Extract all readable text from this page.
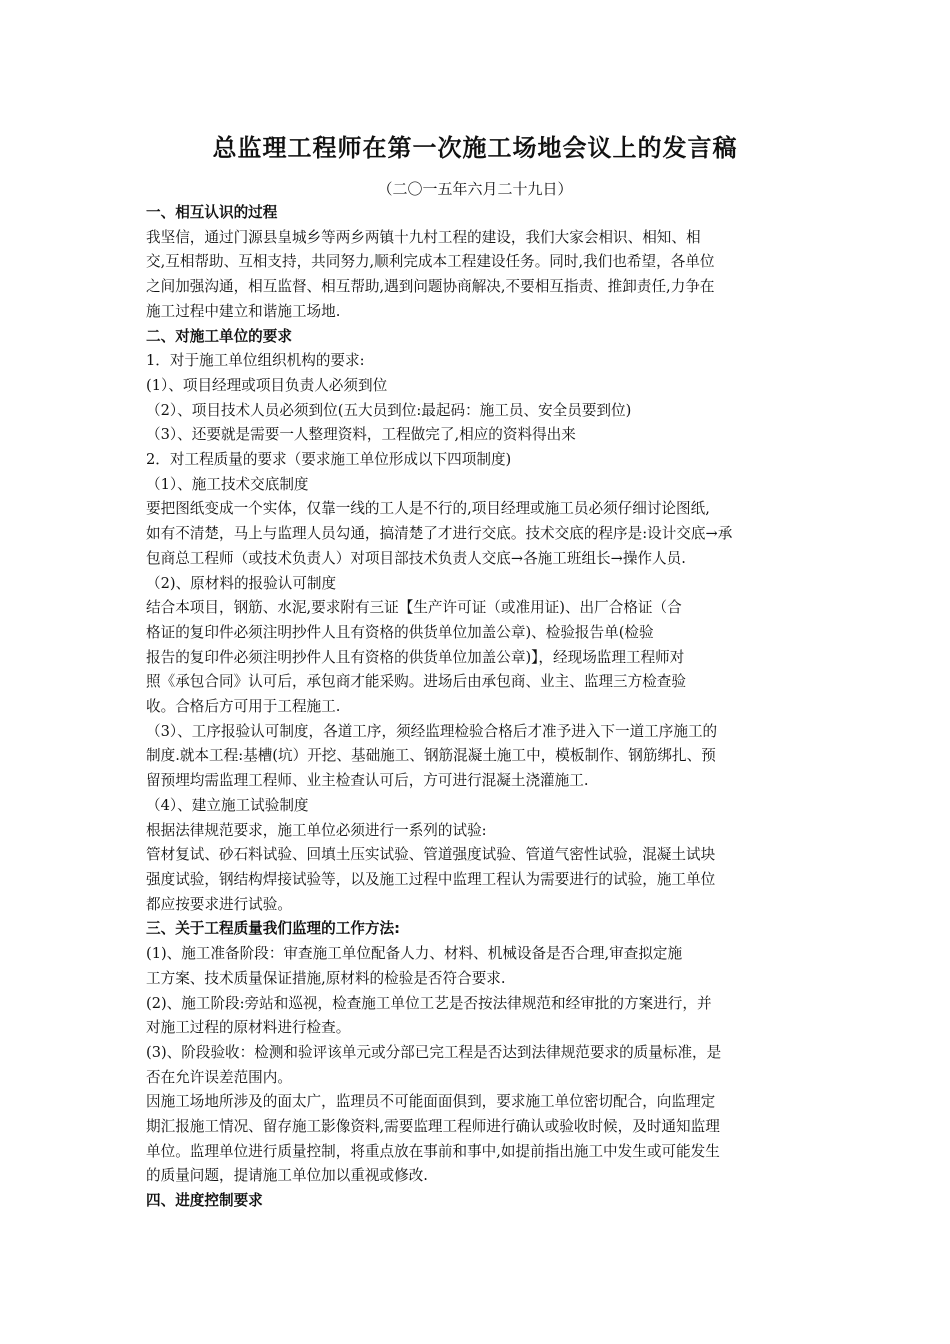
总监理工程师在第一次施工场地会议上的发言稿
（二〇一五年六月二十九日）

一、相互认识的过程

我坚信，通过门源县皇城乡等两乡两镇十九村工程的建设，我们大家会相识、相知、相

交,互相帮助、互相支持，共同努力,顺利完成本工程建设任务。同时,我们也希望，各单位

之间加强沟通，相互监督、相互帮助,遇到问题协商解决,不要相互指责、推卸责任,力争在

施工过程中建立和谐施工场地.

二、对施工单位的要求

1．对于施工单位组织机构的要求:

(1）、项目经理或项目负责人必须到位

（2）、项目技术人员必须到位(五大员到位:最起码：施工员、安全员要到位)

（3）、还要就是需要一人整理资料，工程做完了,相应的资料得出来

2．对工程质量的要求（要求施工单位形成以下四项制度)

（1）、施工技术交底制度

要把图纸变成一个实体，仅靠一线的工人是不行的,项目经理或施工员必须仔细讨论图纸,

如有不清楚，马上与监理人员勾通，搞清楚了才进行交底。技术交底的程序是:设计交底→承

包商总工程师（或技术负责人）对项目部技术负责人交底→各施工班组长→操作人员.

（2)、原材料的报验认可制度

结合本项目，钢筋、水泥,要求附有三证【生产许可证（或准用证)、出厂合格证（合

格证的复印件必须注明抄件人且有资格的供货单位加盖公章)、检验报告单(检验

报告的复印件必须注明抄件人且有资格的供货单位加盖公章)】，经现场监理工程师对

照《承包合同》认可后，承包商才能采购。进场后由承包商、业主、监理三方检查验

收。合格后方可用于工程施工.

（3）、工序报验认可制度，各道工序，须经监理检验合格后才准予进入下一道工序施工的

制度.就本工程:基槽(坑）开挖、基础施工、钢筋混凝土施工中，模板制作、钢筋绑扎、预

留预埋均需监理工程师、业主检查认可后，方可进行混凝土浇灌施工.

（4）、建立施工试验制度

根据法律规范要求，施工单位必须进行一系列的试验:

管材复试、砂石料试验、回填土压实试验、管道强度试验、管道气密性试验，混凝土试块

强度试验，钢结构焊接试验等，以及施工过程中监理工程认为需要进行的试验，施工单位

都应按要求进行试验。

三、关于工程质量我们监理的工作方法:

(1)、施工准备阶段：审查施工单位配备人力、材料、机械设备是否合理,审查拟定施

工方案、技术质量保证措施,原材料的检验是否符合要求.

(2)、施工阶段:旁站和巡视，检查施工单位工艺是否按法律规范和经审批的方案进行，并

对施工过程的原材料进行检查。

(3)、阶段验收：检测和验评该单元或分部已完工程是否达到法律规范要求的质量标准，是

否在允许误差范围内。

因施工场地所涉及的面太广，监理员不可能面面俱到，要求施工单位密切配合，向监理定

期汇报施工情况、留存施工影像资料,需要监理工程师进行确认或验收时候，及时通知监理

单位。监理单位进行质量控制，将重点放在事前和事中,如提前指出施工中发生或可能发生

的质量问题，提请施工单位加以重视或修改.

四、进度控制要求
